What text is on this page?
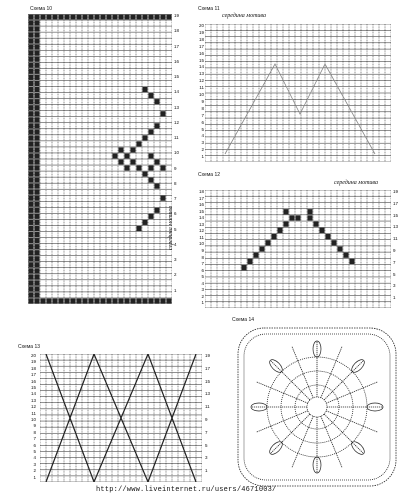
Схема 10
19
18
17
16
15
14
13
12
11
10
9
8
7
6
5
4
3
2
1
середина мотива
Схема 11
середина мотива
20
19
18
17
16
15
14
13
12
11
10
9
8
7
6
5
4
3
2
1
Схема 12
середина мотива
18
17
16
15
14
13
12
11
10
9
8
7
6
5
4
3
2
1
19
17
15
13
11
9
7
5
3
1
Схема 13
20
19
18
17
16
15
14
13
12
11
10
9
8
7
6
5
4
3
2
1
19
17
15
13
11
9
7
5
3
1
Схема 14
http://www.liveinternet.ru/users/4671003/
